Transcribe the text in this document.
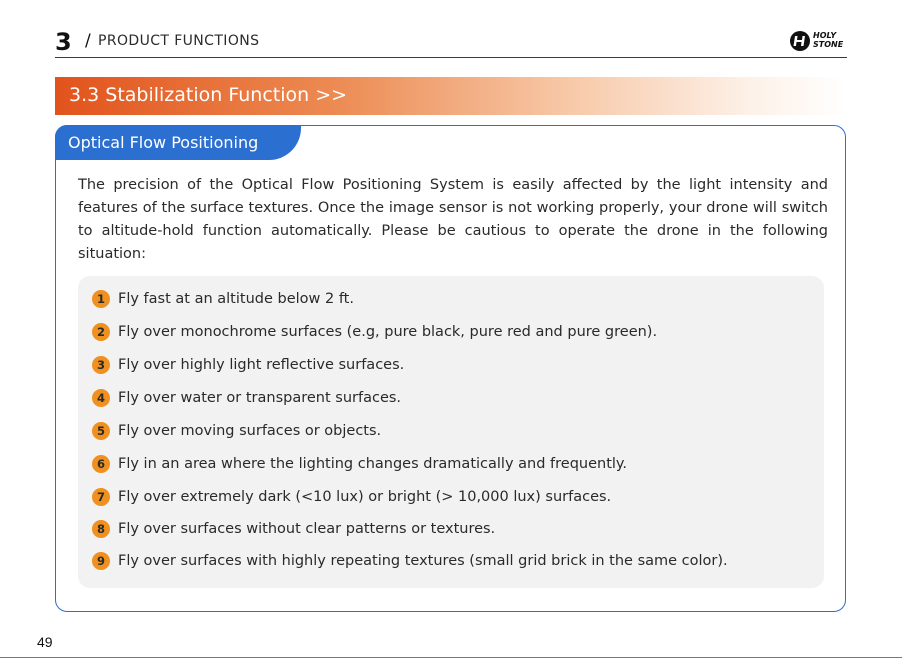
3 / PRODUCT FUNCTIONS	HOLY
STONE
3.3 Stabilization Function >>
Optical Flow Positioning

The precision of the Optical Flow Positioning System is easily affected by the light intensity and features of the surface textures. Once the image sensor is not working properly, your drone will switch to altitude-hold function automatically. Please be cautious to operate the drone in the following situation:

1 Fly fast at an altitude below 2 ft.
2 Fly over monochrome surfaces (e.g, pure black, pure red and pure green).
3 Fly over highly light reflective surfaces.
4 Fly over water or transparent surfaces.
5 Fly over moving surfaces or objects.
6 Fly in an area where the lighting changes dramatically and frequently.
7 Fly over extremely dark (<10 lux) or bright (> 10,000 lux) surfaces.
8 Fly over surfaces without clear patterns or textures.
9 Fly over surfaces with highly repeating textures (small grid brick in the same color).
49
